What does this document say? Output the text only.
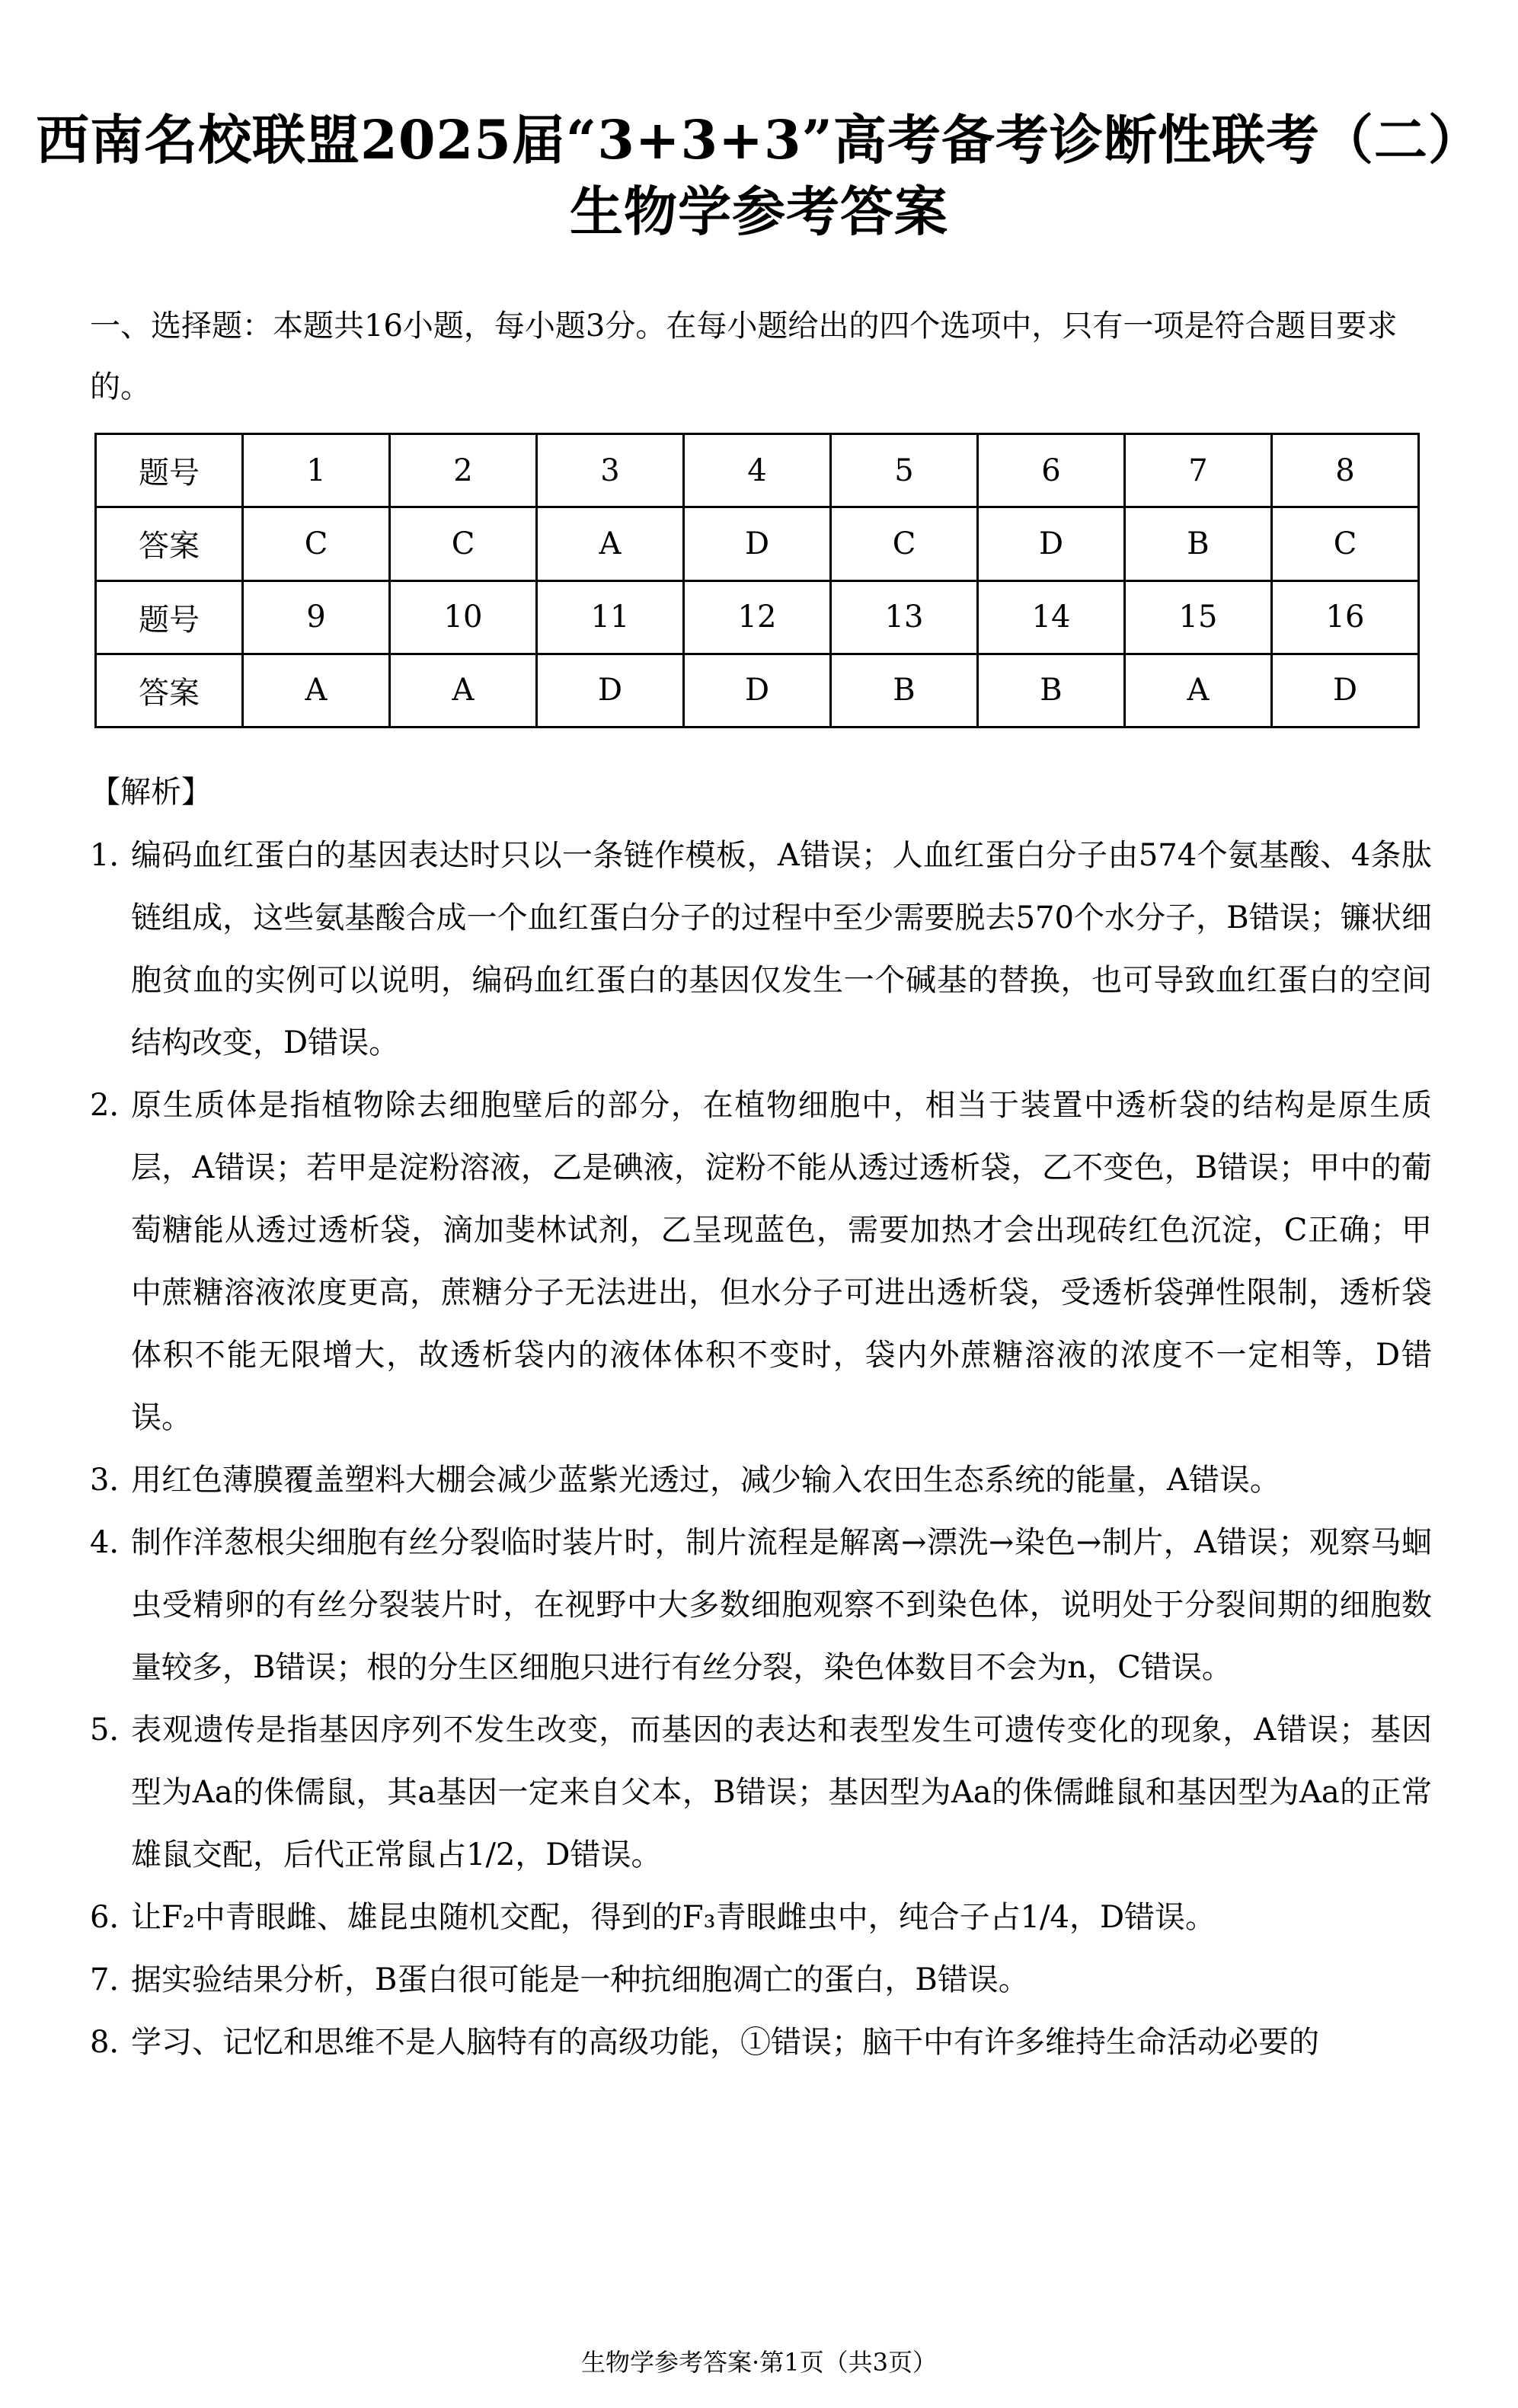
西南名校联盟2025届“3+3+3”高考备考诊断性联考（二）
生物学参考答案
一、选择题：本题共16小题，每小题3分。在每小题给出的四个选项中，只有一项是符合题目要求的。
题号	1	2	3	4	5	6	7	8
答案	C	C	A	D	C	D	B	C
题号	9	10	11	12	13	14	15	16
答案	A	A	D	D	B	B	A	D
【解析】
1．
编码血红蛋白的基因表达时只以一条链作模板，A错误；人血红蛋白分子由574个氨基酸、4条肽链组成，这些氨基酸合成一个血红蛋白分子的过程中至少需要脱去570个水分子，B错误；镰状细胞贫血的实例可以说明，编码血红蛋白的基因仅发生一个碱基的替换，也可导致血红蛋白的空间结构改变，D错误。
2．
原生质体是指植物除去细胞壁后的部分，在植物细胞中，相当于装置中透析袋的结构是原生质层，A错误；若甲是淀粉溶液，乙是碘液，淀粉不能从透过透析袋，乙不变色，B错误；甲中的葡萄糖能从透过透析袋，滴加斐林试剂，乙呈现蓝色，需要加热才会出现砖红色沉淀，C正确；甲中蔗糖溶液浓度更高，蔗糖分子无法进出，但水分子可进出透析袋，受透析袋弹性限制，透析袋体积不能无限增大，故透析袋内的液体体积不变时，袋内外蔗糖溶液的浓度不一定相等，D错误。
3．
用红色薄膜覆盖塑料大棚会减少蓝紫光透过，减少输入农田生态系统的能量，A错误。
4．
制作洋葱根尖细胞有丝分裂临时装片时，制片流程是解离→漂洗→染色→制片，A错误；观察马蛔虫受精卵的有丝分裂装片时，在视野中大多数细胞观察不到染色体，说明处于分裂间期的细胞数量较多，B错误；根的分生区细胞只进行有丝分裂，染色体数目不会为n，C错误。
5．
表观遗传是指基因序列不发生改变，而基因的表达和表型发生可遗传变化的现象，A错误；基因型为Aa的侏儒鼠，其a基因一定来自父本，B错误；基因型为Aa的侏儒雌鼠和基因型为Aa的正常雄鼠交配，后代正常鼠占1/2，D错误。
6．
让F₂中青眼雌、雄昆虫随机交配，得到的F₃青眼雌虫中，纯合子占1/4，D错误。
7．
据实验结果分析，B蛋白很可能是一种抗细胞凋亡的蛋白，B错误。
8．
学习、记忆和思维不是人脑特有的高级功能，①错误；脑干中有许多维持生命活动必要的
生物学参考答案·第1页（共3页）
